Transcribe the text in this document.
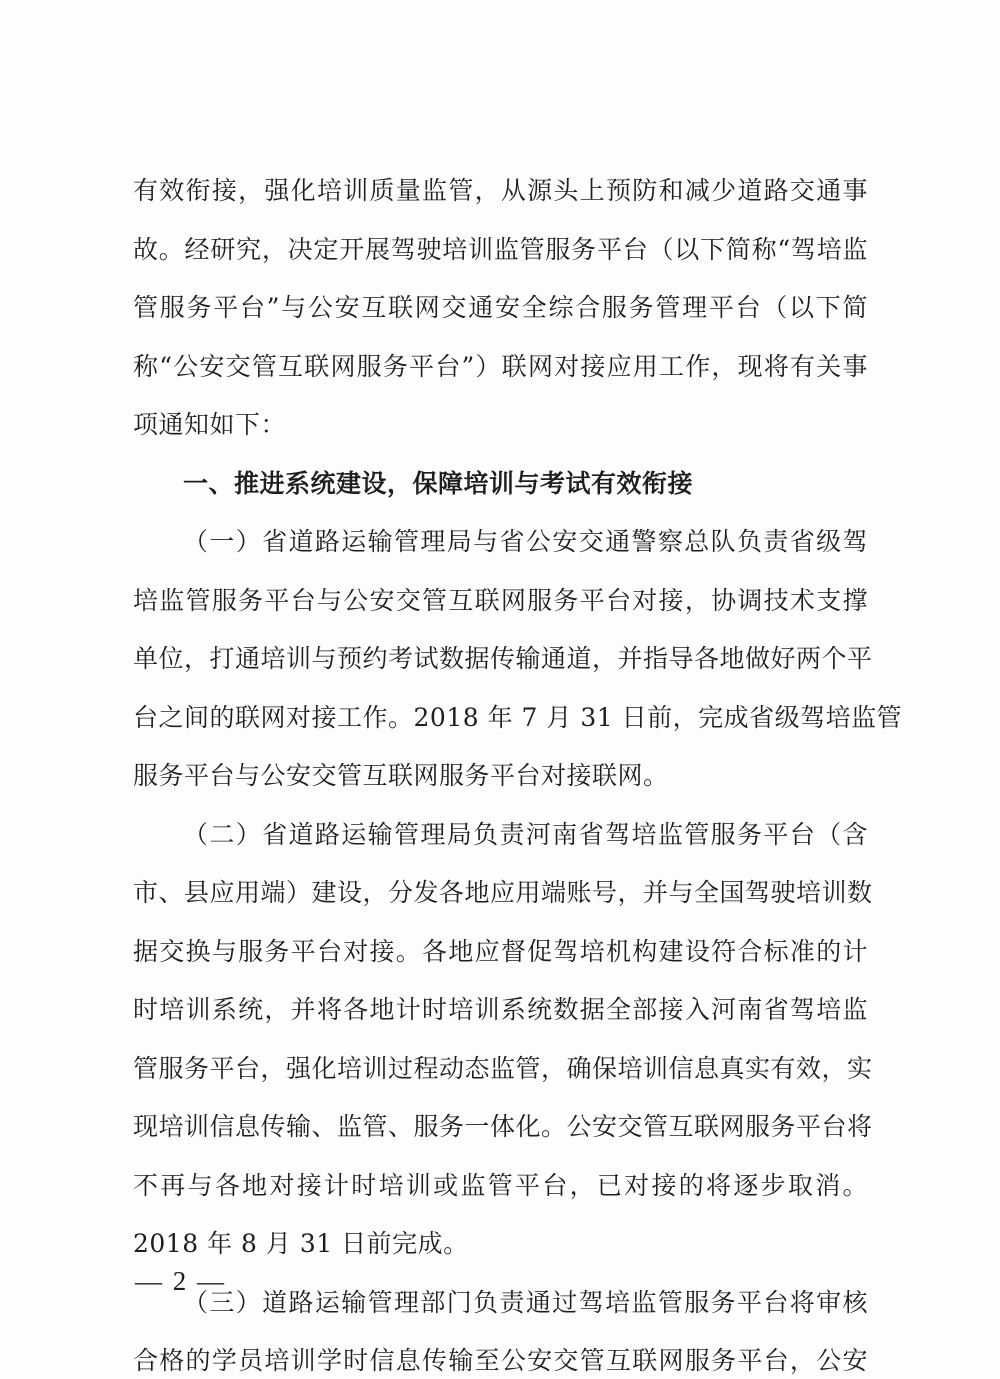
有效衔接，强化培训质量监管，从源头上预防和减少道路交通事
故。经研究，决定开展驾驶培训监管服务平台（以下简称“驾培监
管服务平台”与公安互联网交通安全综合服务管理平台（以下简
称“公安交管互联网服务平台”）联网对接应用工作，现将有关事
项通知如下：
一、推进系统建设，保障培训与考试有效衔接
（一）省道路运输管理局与省公安交通警察总队负责省级驾
培监管服务平台与公安交管互联网服务平台对接，协调技术支撑
单位，打通培训与预约考试数据传输通道，并指导各地做好两个平
台之间的联网对接工作。2018 年 7 月 31 日前，完成省级驾培监管
服务平台与公安交管互联网服务平台对接联网。
（二）省道路运输管理局负责河南省驾培监管服务平台（含
市、县应用端）建设，分发各地应用端账号，并与全国驾驶培训数
据交换与服务平台对接。各地应督促驾培机构建设符合标准的计
时培训系统，并将各地计时培训系统数据全部接入河南省驾培监
管服务平台，强化培训过程动态监管，确保培训信息真实有效，实
现培训信息传输、监管、服务一体化。公安交管互联网服务平台将
不再与各地对接计时培训或监管平台，已对接的将逐步取消。
2018 年 8 月 31 日前完成。
（三）道路运输管理部门负责通过驾培监管服务平台将审核
合格的学员培训学时信息传输至公安交管互联网服务平台，公安
— 2 —
